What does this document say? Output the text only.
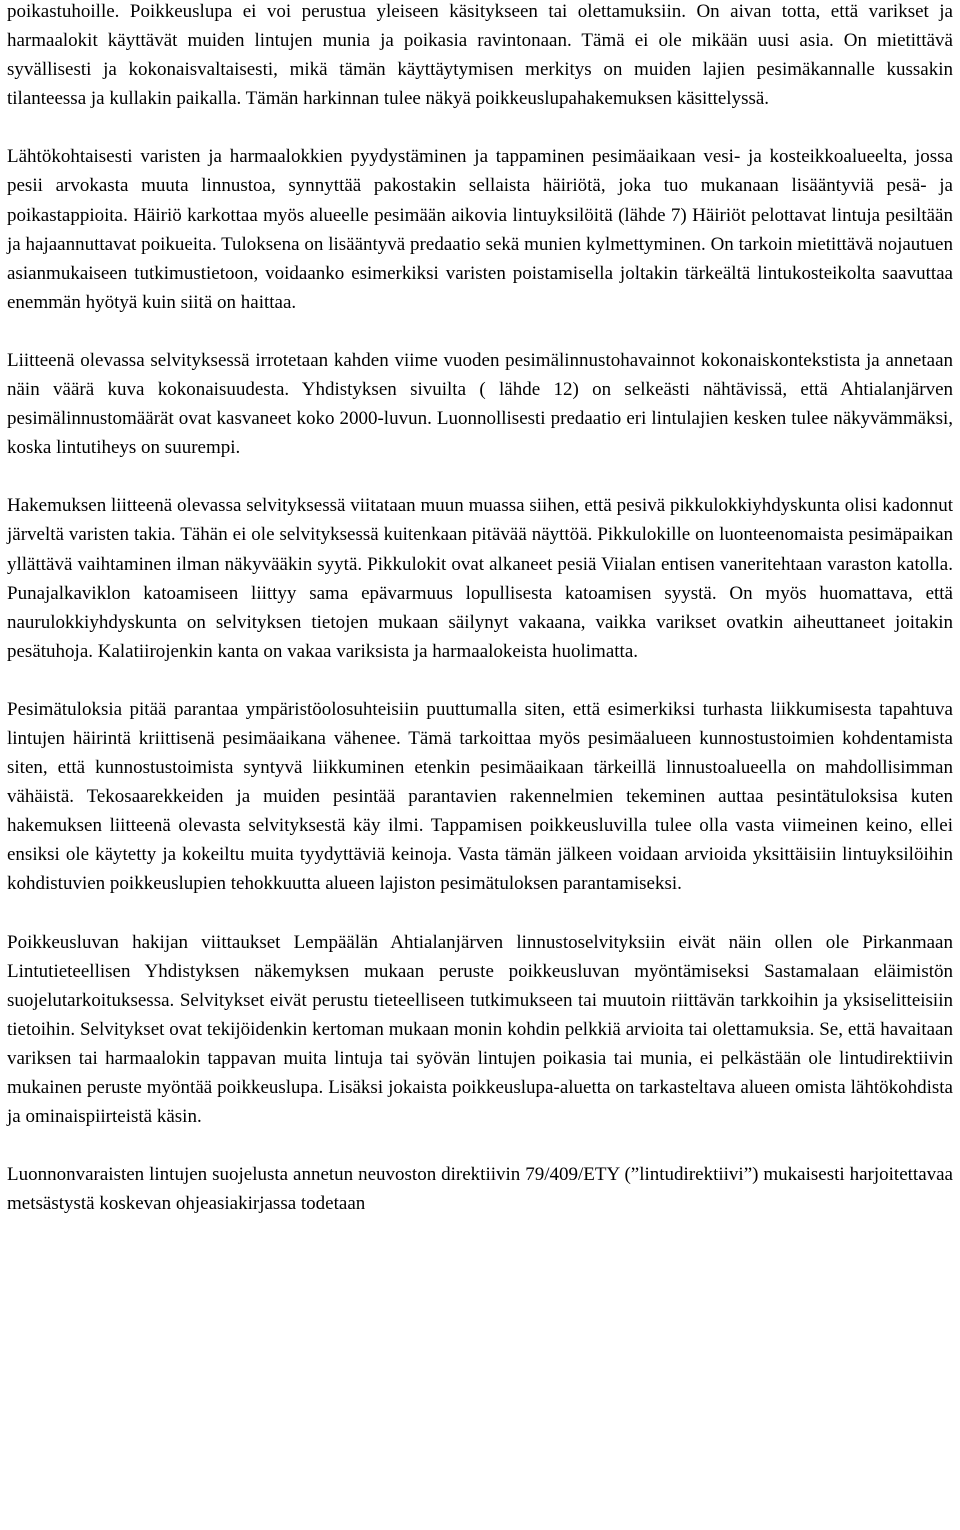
poikastuhoille. Poikkeuslupa ei voi perustua yleiseen käsitykseen tai olettamuksiin. On aivan totta, että varikset ja harmaalokit käyttävät muiden lintujen munia ja poikasia ravintonaan. Tämä ei ole mikään uusi asia. On mietittävä syvällisesti ja kokonaisvaltaisesti, mikä tämän käyttäytymisen merkitys on muiden lajien pesimäkannalle kussakin tilanteessa ja kullakin paikalla. Tämän harkinnan tulee näkyä poikkeuslupahakemuksen käsittelyssä.

Lähtökohtaisesti varisten ja harmaalokkien pyydystäminen ja tappaminen pesimäaikaan vesi- ja kosteikkoalueelta, jossa pesii arvokasta muuta linnustoa, synnyttää pakostakin sellaista häiriötä, joka tuo mukanaan lisääntyviä pesä- ja poikastappioita. Häiriö karkottaa myös alueelle pesimään aikovia lintuyksilöitä (lähde 7) Häiriöt pelottavat lintuja pesiltään ja hajaannuttavat poikueita. Tuloksena on lisääntyvä predaatio sekä munien kylmettyminen. On tarkoin mietittävä nojautuen asianmukaiseen tutkimustietoon, voidaanko esimerkiksi varisten poistamisella joltakin tärkeältä lintukosteikolta saavuttaa enemmän hyötyä kuin siitä on haittaa.

Liitteenä olevassa selvityksessä irrotetaan kahden viime vuoden pesimälinnustohavainnot kokonaiskontekstista ja annetaan näin väärä kuva kokonaisuudesta. Yhdistyksen sivuilta ( lähde 12) on selkeästi nähtävissä, että Ahtialanjärven pesimälinnustomäärät ovat kasvaneet koko 2000-luvun. Luonnollisesti predaatio eri lintulajien kesken tulee näkyvämmäksi, koska lintutiheys on suurempi.

Hakemuksen liitteenä olevassa selvityksessä viitataan muun muassa siihen, että pesivä pikkulokkiyhdyskunta olisi kadonnut järveltä varisten takia. Tähän ei ole selvityksessä kuitenkaan pitävää näyttöä. Pikkulokille on luonteenomaista pesimäpaikan yllättävä vaihtaminen ilman näkyvääkin syytä. Pikkulokit ovat alkaneet pesiä Viialan entisen vaneritehtaan varaston katolla. Punajalkaviklon katoamiseen liittyy sama epävarmuus lopullisesta katoamisen syystä. On myös huomattava, että naurulokkiyhdyskunta on selvityksen tietojen mukaan säilynyt vakaana, vaikka varikset ovatkin aiheuttaneet joitakin pesätuhoja. Kalatiirojenkin kanta on vakaa variksista ja harmaalokeista huolimatta.

Pesimätuloksia pitää parantaa ympäristöolosuhteisiin puuttumalla siten, että esimerkiksi turhasta liikkumisesta tapahtuva lintujen häirintä kriittisenä pesimäaikana vähenee. Tämä tarkoittaa myös pesimäalueen kunnostustoimien kohdentamista siten, että kunnostustoimista syntyvä liikkuminen etenkin pesimäaikaan tärkeillä linnustoalueella on mahdollisimman vähäistä. Tekosaarekkeiden ja muiden pesintää parantavien rakennelmien tekeminen auttaa pesintätuloksisa kuten hakemuksen liitteenä olevasta selvityksestä käy ilmi. Tappamisen poikkeusluvilla tulee olla vasta viimeinen keino, ellei ensiksi ole käytetty ja kokeiltu muita tyydyttäviä keinoja. Vasta tämän jälkeen voidaan arvioida yksittäisiin lintuyksilöihin kohdistuvien poikkeuslupien tehokkuutta alueen lajiston pesimätuloksen parantamiseksi.

Poikkeusluvan hakijan viittaukset Lempäälän Ahtialanjärven linnustoselvityksiin eivät näin ollen ole Pirkanmaan Lintutieteellisen Yhdistyksen näkemyksen mukaan peruste poikkeusluvan myöntämiseksi Sastamalaan eläimistön suojelutarkoituksessa. Selvitykset eivät perustu tieteelliseen tutkimukseen tai muutoin riittävän tarkkoihin ja yksiselitteisiin tietoihin. Selvitykset ovat tekijöidenkin kertoman mukaan monin kohdin pelkkiä arvioita tai olettamuksia. Se, että havaitaan variksen tai harmaalokin tappavan muita lintuja tai syövän lintujen poikasia tai munia, ei pelkästään ole lintudirektiivin mukainen peruste myöntää poikkeuslupa. Lisäksi jokaista poikkeuslupa-aluetta on tarkasteltava alueen omista lähtökohdista ja ominaispiirteistä käsin.

Luonnonvaraisten lintujen suojelusta annetun neuvoston direktiivin 79/409/ETY (”lintudirektiivi”) mukaisesti harjoitettavaa metsästystä koskevan ohjeasiakirjassa todetaan
